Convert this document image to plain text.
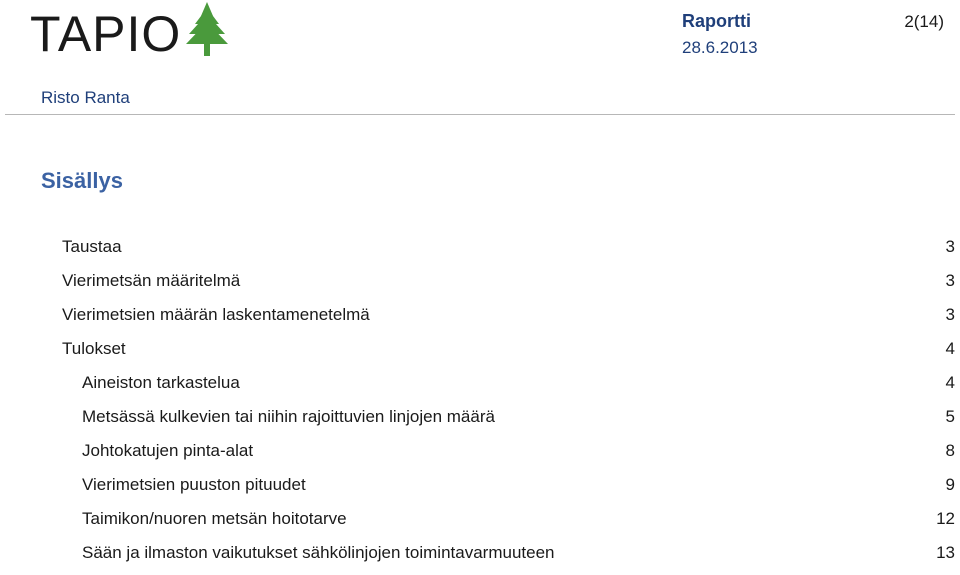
TAPIO	Raportti
28.6.2013
2(14)
Risto Ranta
Sisällys
Taustaa	3
Vierimetsän määritelmä	3
Vierimetsien määrän laskentamenetelmä	3
Tulokset	4
Aineiston tarkastelua	4
Metsässä kulkevien tai niihin rajoittuvien linjojen määrä	5
Johtokatujen pinta-alat	8
Vierimetsien puuston pituudet	9
Taimikon/nuoren metsän hoitotarve	12
Sään ja ilmaston vaikutukset sähkölinjojen toimintavarmuuteen	13
